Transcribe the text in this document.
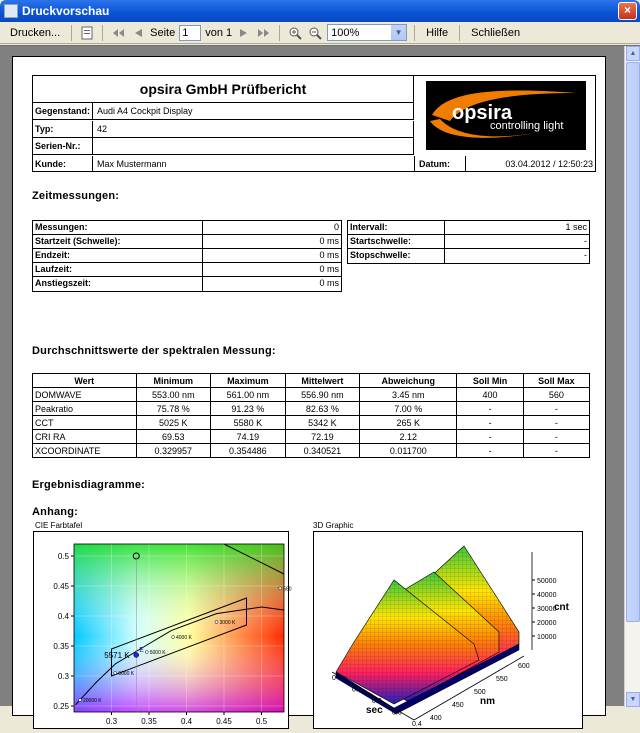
Druckvorschau	×
Drucken...	Seite
1	von 1	100%	▼	Hilfe	Schließen
▲
▼
opsira GmbH Prüfbericht
Gegenstand: Audi A4 Cockpit Display
Typ:	42
Serien-Nr.:
Kunde:	Max Mustermann	Datum:	03.04.2012 / 12:50:23
opsira
controlling light
Zeitmessungen:
Messungen:	0
Startzeit (Schwelle):	0 ms
Endzeit:	0 ms
Laufzeit:	0 ms
Anstiegszeit:	0 ms
Intervall:	1 sec
Startschwelle:	-
Stopschwelle:	-
Durchschnittswerte der spektralen Messung:
Wert	Minimum	Maximum	Mittelwert	Abweichung	Soll Min	Soll Max
DOMWAVE	553.00 nm	561.00 nm	556.90 nm	3.45 nm	400	560
Peakratio	75.78 %	91.23 %	82.63 %	7.00 %	-	-
CCT	5025 K	5580 K	5342 K	265 K	-	-
CRI RA	69.53	74.19	72.19	2.12	-	-
XCOORDINATE	0.329957	0.354486	0.340521	0.011700	-	-
Ergebnisdiagramme:
Anhang:
CIE Farbtafel	3D Graphic
20000 K
6000 K
5000 K
4000 K
3000 K
580
E
5571 K
0.3	0.35	0.4	0.45	0.5
0.25
0.3
0.35
0.4
0.45
0.5
10000
20000
30000
40000
50000
cnt
0
0.1
0.2
0.3
0.4
sec
400
450
500
550
600
nm
